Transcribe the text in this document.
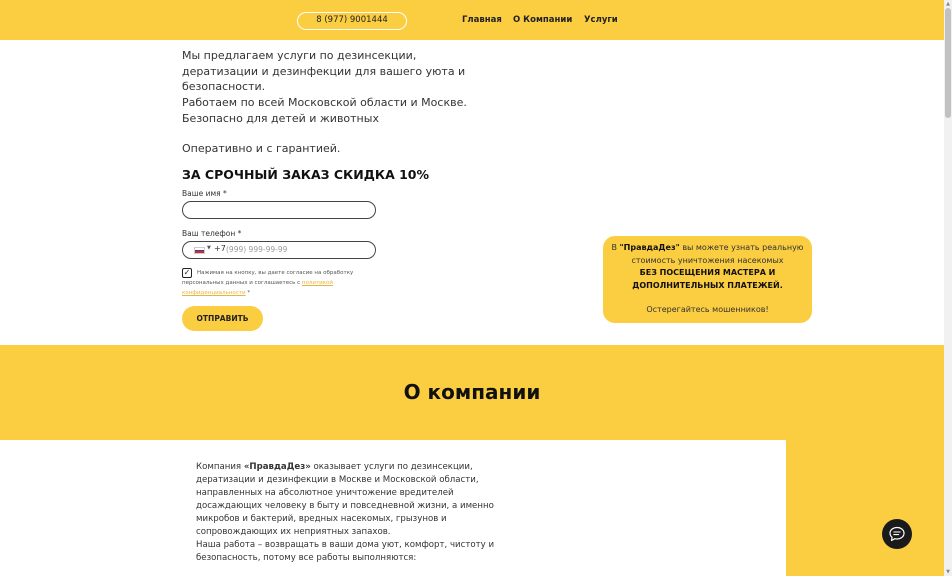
8 (977) 9001444	Главная О Компании Услуги

Мы предлагаем услуги по дезинсекции, дератизации и дезинфекции для вашего уюта и безопасности.

Работаем по всей Московской области и Москве. Безопасно для детей и животных

Оперативно и с гарантией.

ЗА СРОЧНЫЙ ЗАКАЗ СКИДКА 10%
Ваше имя *
Ваш телефон *
▼ +7 (999) 999-99-99
Нажимая на кнопку, вы даете согласие на обработку персональных данных и соглашаетесь c политикой конфиденциальности *
✓
ОТПРАВИТЬ
В "ПравдаДез" вы можете узнать реальную
стоимость уничтожения насекомых
БЕЗ ПОСЕЩЕНИЯ МАСТЕРА И
ДОПОЛНИТЕЛЬНЫХ ПЛАТЕЖЕЙ.
Остерегайтесь мошенников!
О компании

Компания «ПравдаДез» оказывает услуги по дезинсекции, дератизации и дезинфекции в Москве и Московской области, направленных на абсолютное уничтожение вредителей досаждающих человеку в быту и повседневной жизни, а именно микробов и бактерий, вредных насекомых, грызунов и сопровождающих их неприятных запахов.

Наша работа – возвращать в ваши дома уют, комфорт, чистоту и безопасность, потому все работы выполняются:

▲
▼
